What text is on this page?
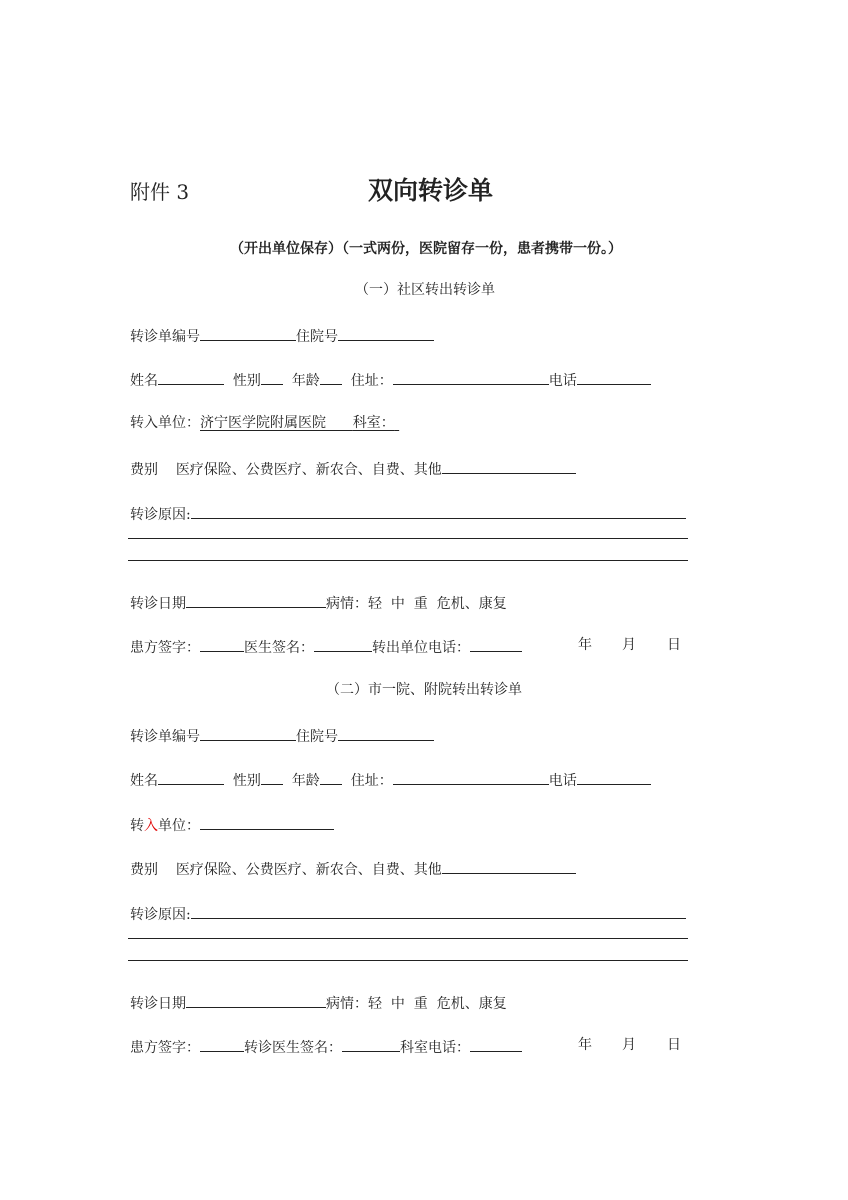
附件 3	双向转诊单
（开出单位保存）（一式两份，医院留存一份，患者携带一份。）
（一）社区转出转诊单
转诊单编号	住院号
姓名	性别 年龄 住址：	电话
转入单位：济宁医学院附属医院 科室：
费别 医疗保险、公费医疗、新农合、自费、其他
转诊原因:
转诊日期	病情：轻  中  重  危机、康复
患方签字：	医生签名：	转出单位电话：	年 月 日
（二）市一院、附院转出转诊单
转诊单编号	住院号
姓名	性别 年龄 住址：	电话
转入单位：
费别 医疗保险、公费医疗、新农合、自费、其他
转诊原因:
转诊日期	病情：轻  中  重  危机、康复
患方签字：	转诊医生签名：	科室电话：	年 月 日
